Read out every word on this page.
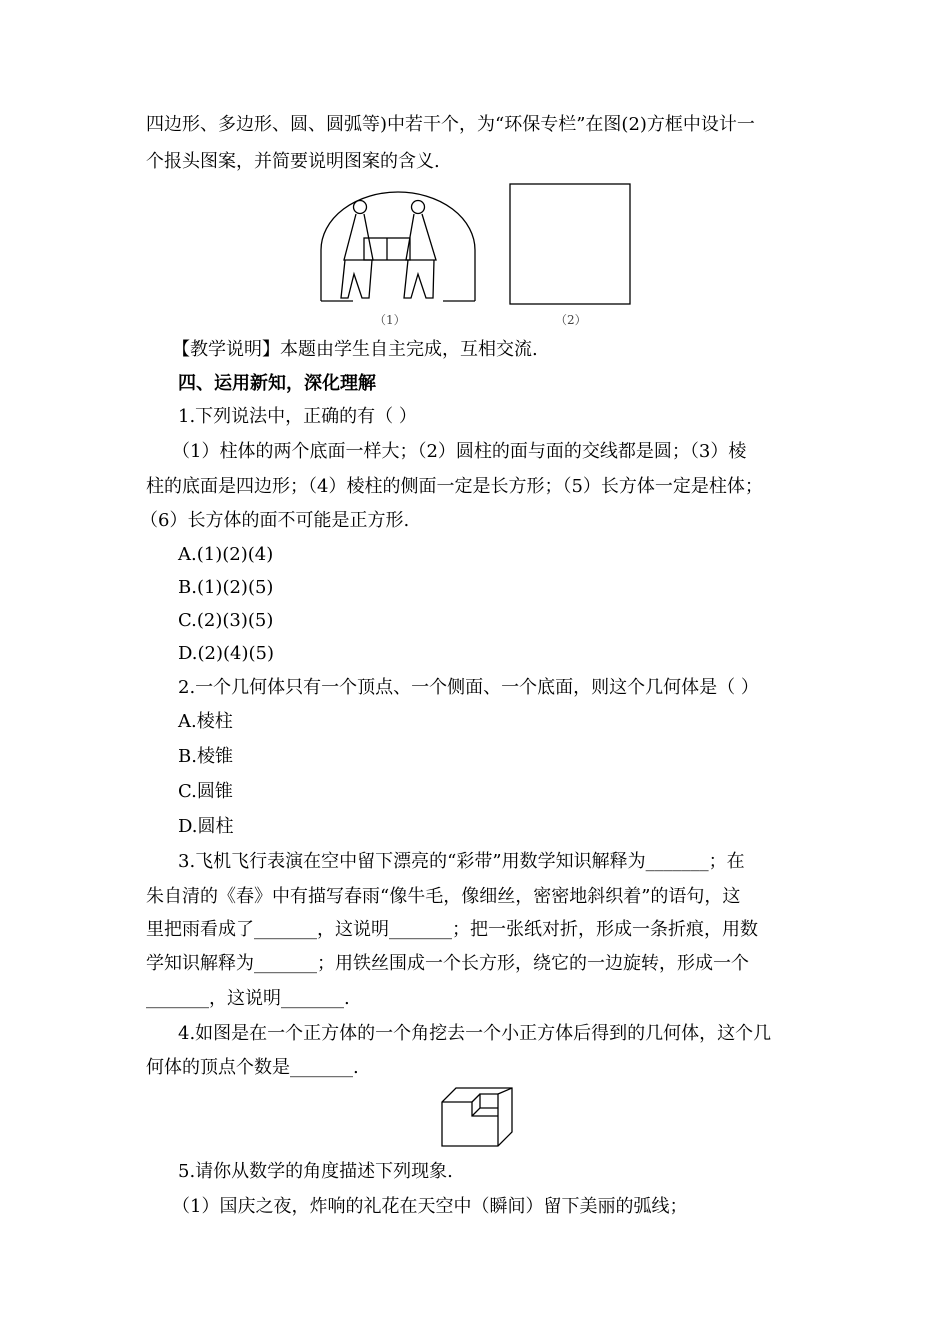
四边形、多边形、圆、圆弧等)中若干个，为“环保专栏”在图(2)方框中设计一
个报头图案，并简要说明图案的含义.
（1）	（2）
【教学说明】本题由学生自主完成，互相交流.
四、运用新知，深化理解
1.下列说法中，正确的有（ ）
（1）柱体的两个底面一样大；（2）圆柱的面与面的交线都是圆；（3）棱
柱的底面是四边形；（4）棱柱的侧面一定是长方形；（5）长方体一定是柱体；
（6）长方体的面不可能是正方形.
A.(1)(2)(4)
B.(1)(2)(5)
C.(2)(3)(5)
D.(2)(4)(5)
2.一个几何体只有一个顶点、一个侧面、一个底面，则这个几何体是（ ）
A.棱柱
B.棱锥
C.圆锥
D.圆柱
3.飞机飞行表演在空中留下漂亮的“彩带”用数学知识解释为_______；在
朱自清的《春》中有描写春雨“像牛毛，像细丝，密密地斜织着”的语句，这
里把雨看成了_______，这说明_______；把一张纸对折，形成一条折痕，用数
学知识解释为_______；用铁丝围成一个长方形，绕它的一边旋转，形成一个
_______，这说明_______.
4.如图是在一个正方体的一个角挖去一个小正方体后得到的几何体，这个几
何体的顶点个数是_______.
5.请你从数学的角度描述下列现象.
（1）国庆之夜，炸响的礼花在天空中（瞬间）留下美丽的弧线；
